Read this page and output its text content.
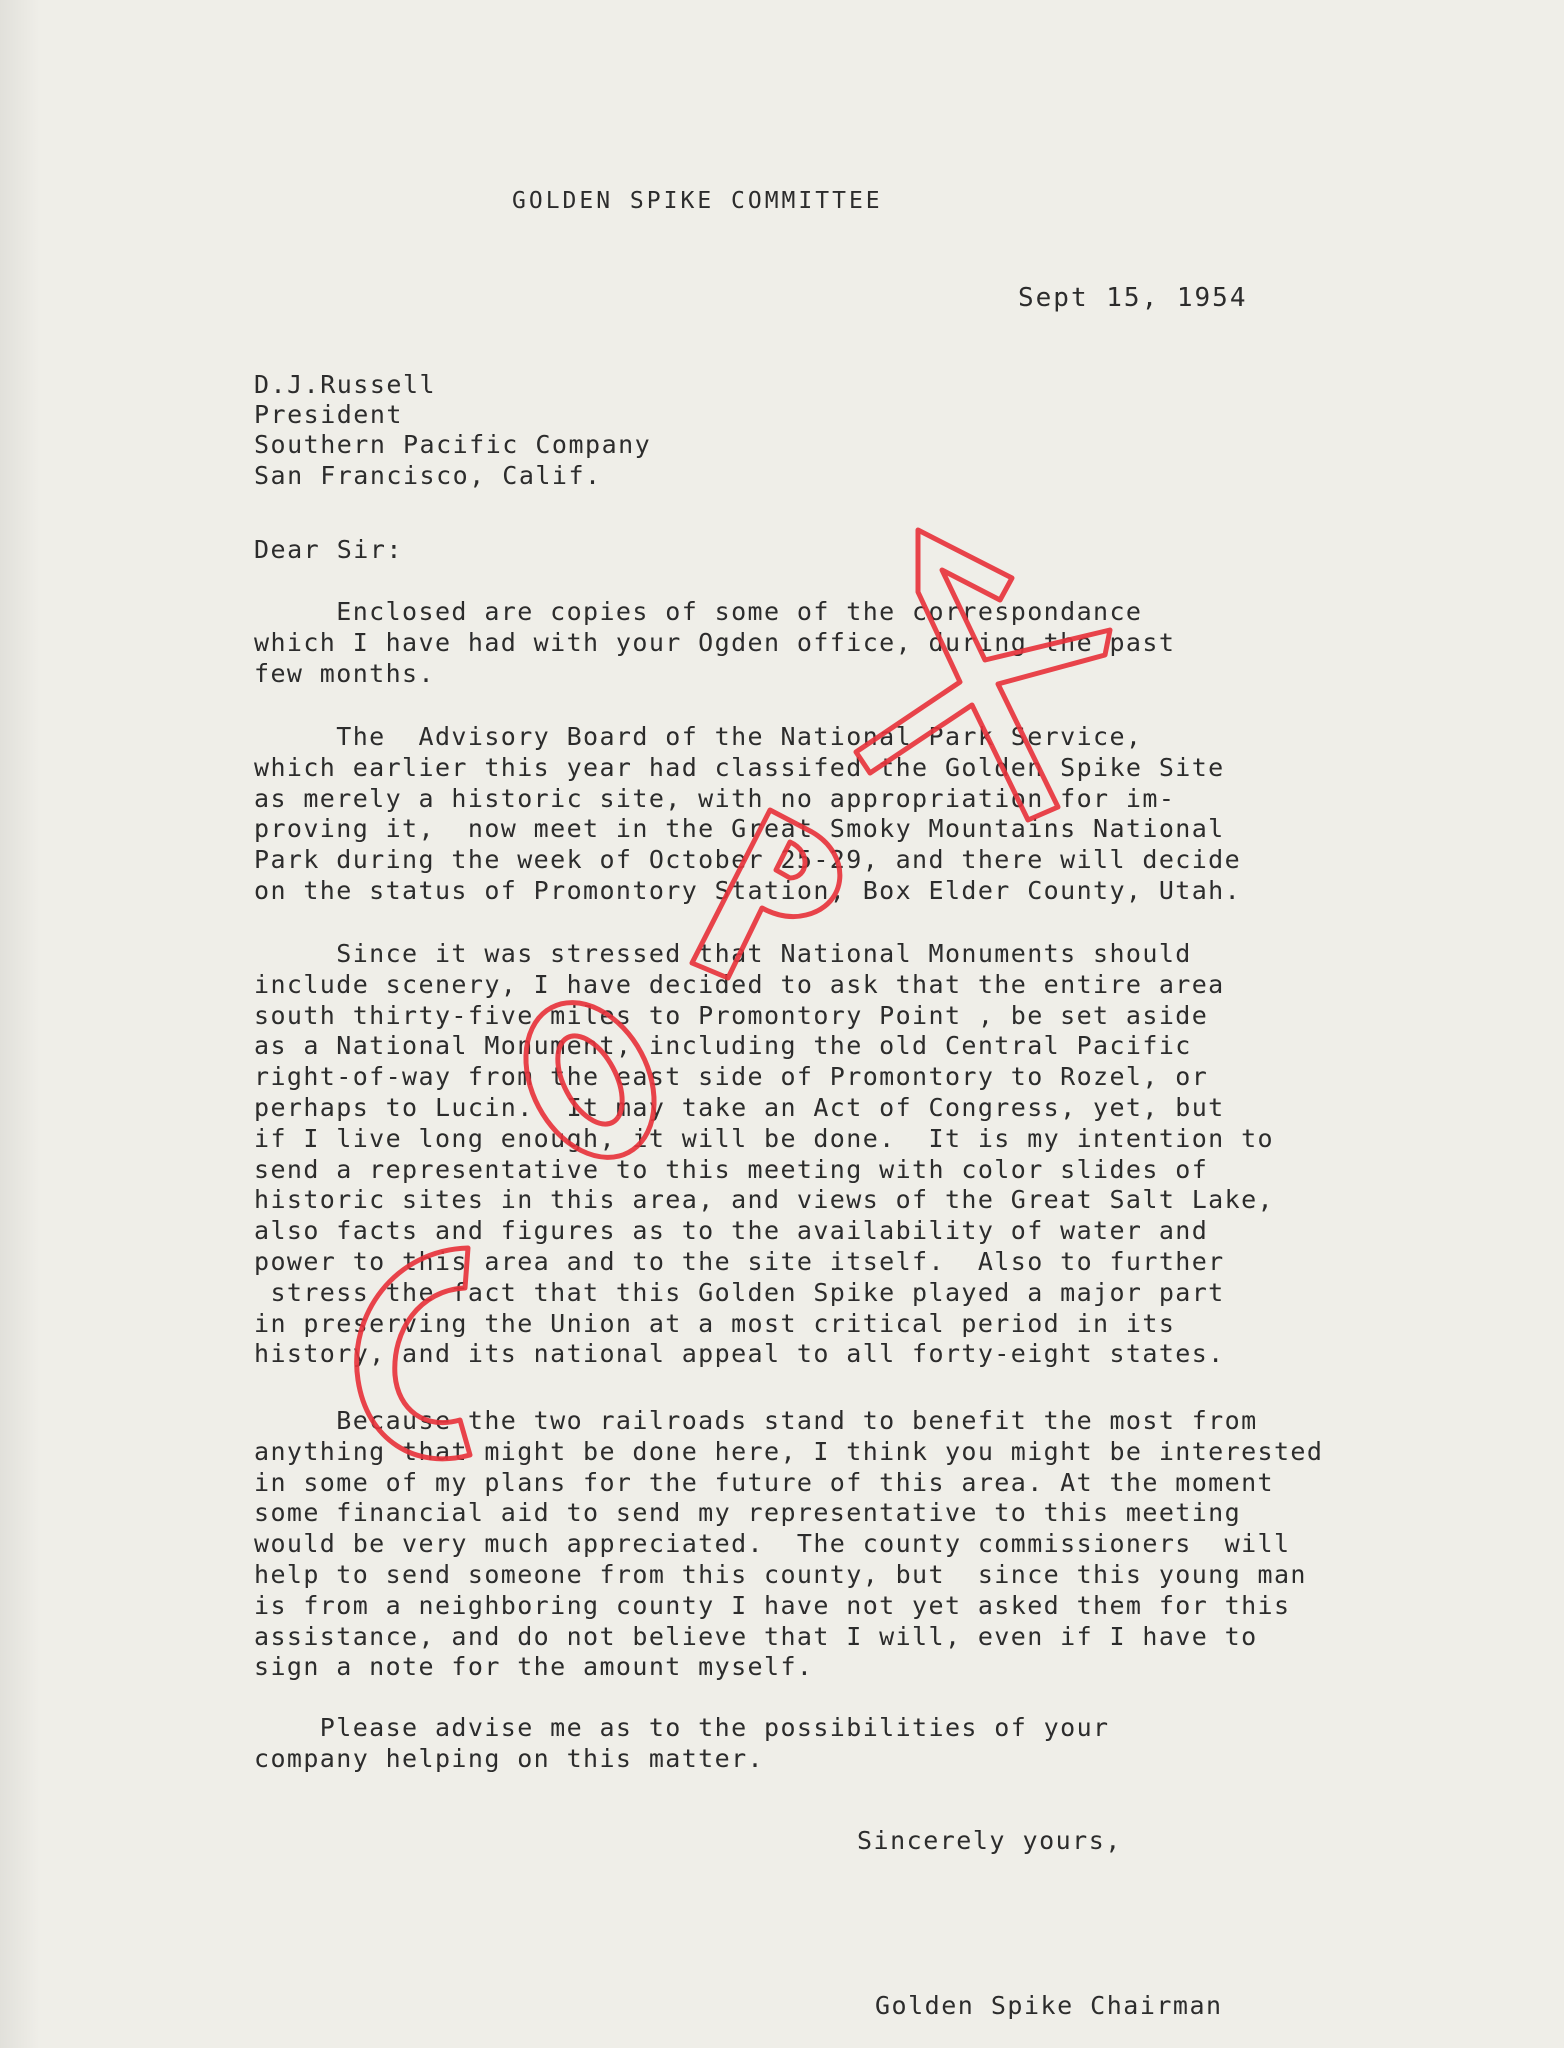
GOLDEN SPIKE COMMITTEE
Sept 15, 1954
D.J.Russell
President
Southern Pacific Company
San Francisco, Calif.
Dear Sir:
Enclosed are copies of some of the correspondance
which I have had with your Ogden office, during the past
few months.
The  Advisory Board of the National Park Service,
which earlier this year had classifed the Golden Spike Site
as merely a historic site, with no appropriation for im-
proving it,  now meet in the Great Smoky Mountains National
Park during the week of October 25-29, and there will decide
on the status of Promontory Station, Box Elder County, Utah.
Since it was stressed that National Monuments should
include scenery, I have decided to ask that the entire area
south thirty-five miles to Promontory Point , be set aside
as a National Monument, including the old Central Pacific
right-of-way from the east side of Promontory to Rozel, or
perhaps to Lucin.  It may take an Act of Congress, yet, but
if I live long enough, it will be done.  It is my intention to
send a representative to this meeting with color slides of
historic sites in this area, and views of the Great Salt Lake,
also facts and figures as to the availability of water and
power to this area and to the site itself.  Also to further
stress the fact that this Golden Spike played a major part
in preserving the Union at a most critical period in its
history, and its national appeal to all forty-eight states.
Because the two railroads stand to benefit the most from
anything that might be done here, I think you might be interested
in some of my plans for the future of this area. At the moment
some financial aid to send my representative to this meeting
would be very much appreciated.  The county commissioners  will
help to send someone from this county, but  since this young man
is from a neighboring county I have not yet asked them for this
assistance, and do not believe that I will, even if I have to
sign a note for the amount myself.
Please advise me as to the possibilities of your
company helping on this matter.
Sincerely yours,
Golden Spike Chairman
